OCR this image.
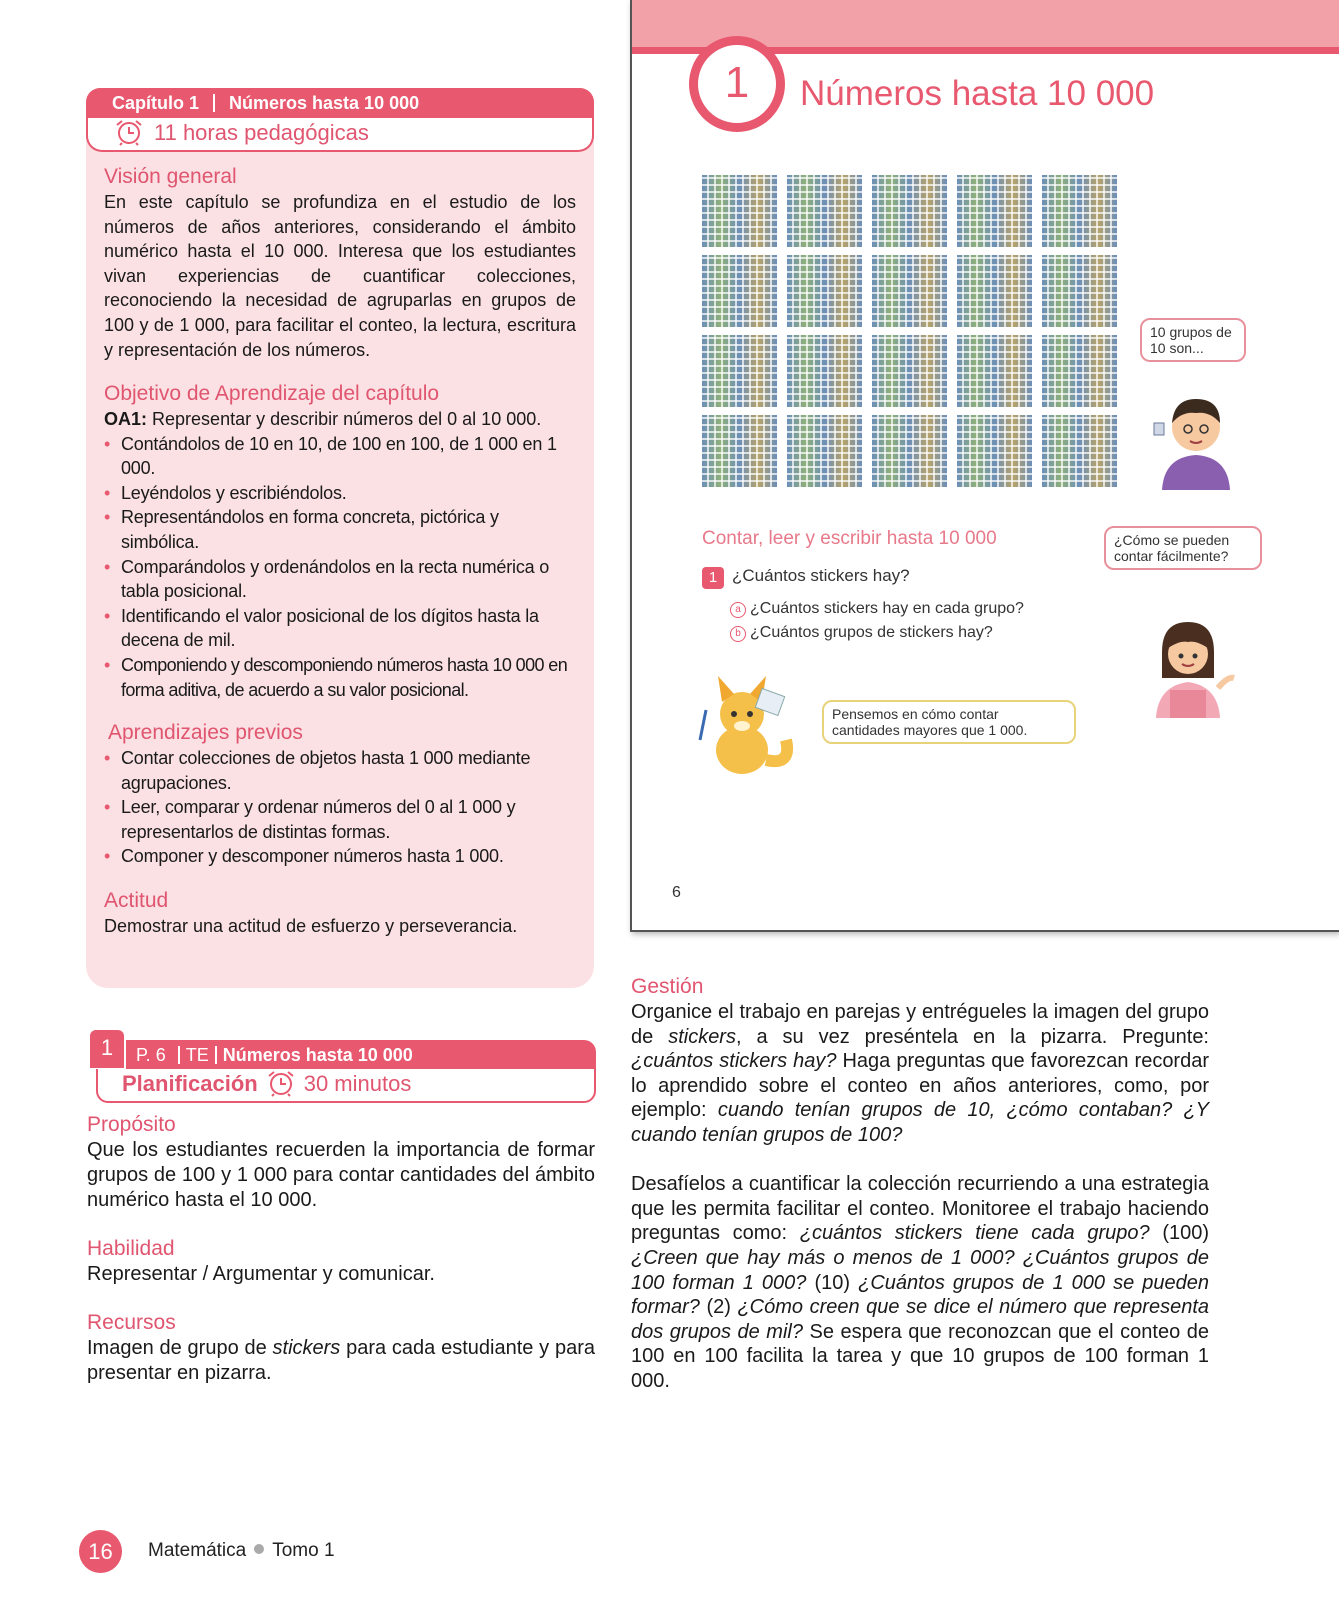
Capítulo 1 Números hasta 10 000
11 horas pedagógicas
Visión general
En este capítulo se profundiza en el estudio de los números de años anteriores, considerando el ámbito numérico hasta el 10 000. Interesa que los estudiantes vivan experiencias de cuantificar colecciones, reconociendo la necesidad de agruparlas en grupos de 100 y de 1 000, para facilitar el conteo, la lectura, escritura y representación de los números.
Objetivo de Aprendizaje del capítulo
OA1: Representar y describir números del 0 al 10 000.
• Contándolos de 10 en 10, de 100 en 100, de 1 000 en 1 000.
• Leyéndolos y escribiéndolos.
• Representándolos en forma concreta, pictórica y simbólica.
• Comparándolos y ordenándolos en la recta numérica o tabla posicional.
• Identificando el valor posicional de los dígitos hasta la decena de mil.
• Componiendo y descomponiendo números hasta 10 000 en forma aditiva, de acuerdo a su valor posicional.
Aprendizajes previos
• Contar colecciones de objetos hasta 1 000 mediante agrupaciones.
• Leer, comparar y ordenar números del 0 al 1 000 y representarlos de distintas formas.
• Componer y descomponer números hasta 1 000.
Actitud
Demostrar una actitud de esfuerzo y perseverancia.
1	P. 6 TE Números hasta 10 000
Planificación 30 minutos
Propósito
Que los estudiantes recuerden la importancia de formar grupos de 100 y 1 000 para contar cantidades del ámbito numérico hasta el 10 000.
Habilidad
Representar / Argumentar y comunicar.
Recursos
Imagen de grupo de stickers para cada estudiante y para presentar en pizarra.
1	Números hasta 10 000
10 grupos de 10 son...
Contar, leer y escribir hasta 10 000
1 ¿Cuántos stickers hay?
a ¿Cuántos stickers hay en cada grupo?
b ¿Cuántos grupos de stickers hay?
¿Cómo se pueden contar fácilmente?
Pensemos en cómo contar cantidades mayores que 1 000.
6
Gestión
Organice el trabajo en parejas y entrégueles la imagen del grupo de stickers, a su vez preséntela en la pizarra. Pregunte: ¿cuántos stickers hay? Haga preguntas que favorezcan recordar lo aprendido sobre el conteo en años anteriores, como, por ejemplo: cuando tenían grupos de 10, ¿cómo contaban? ¿Y cuando tenían grupos de 100?
Desafíelos a cuantificar la colección recurriendo a una estrategia que les permita facilitar el conteo. Monitoree el trabajo haciendo preguntas como: ¿cuántos stickers tiene cada grupo? (100) ¿Creen que hay más o menos de 1 000? ¿Cuántos grupos de 100 forman 1 000? (10) ¿Cuántos grupos de 1 000 se pueden formar? (2) ¿Cómo creen que se dice el número que representa dos grupos de mil? Se espera que reconozcan que el conteo de 100 en 100 facilita la tarea y que 10 grupos de 100 forman 1 000.
16	Matemática Tomo 1
